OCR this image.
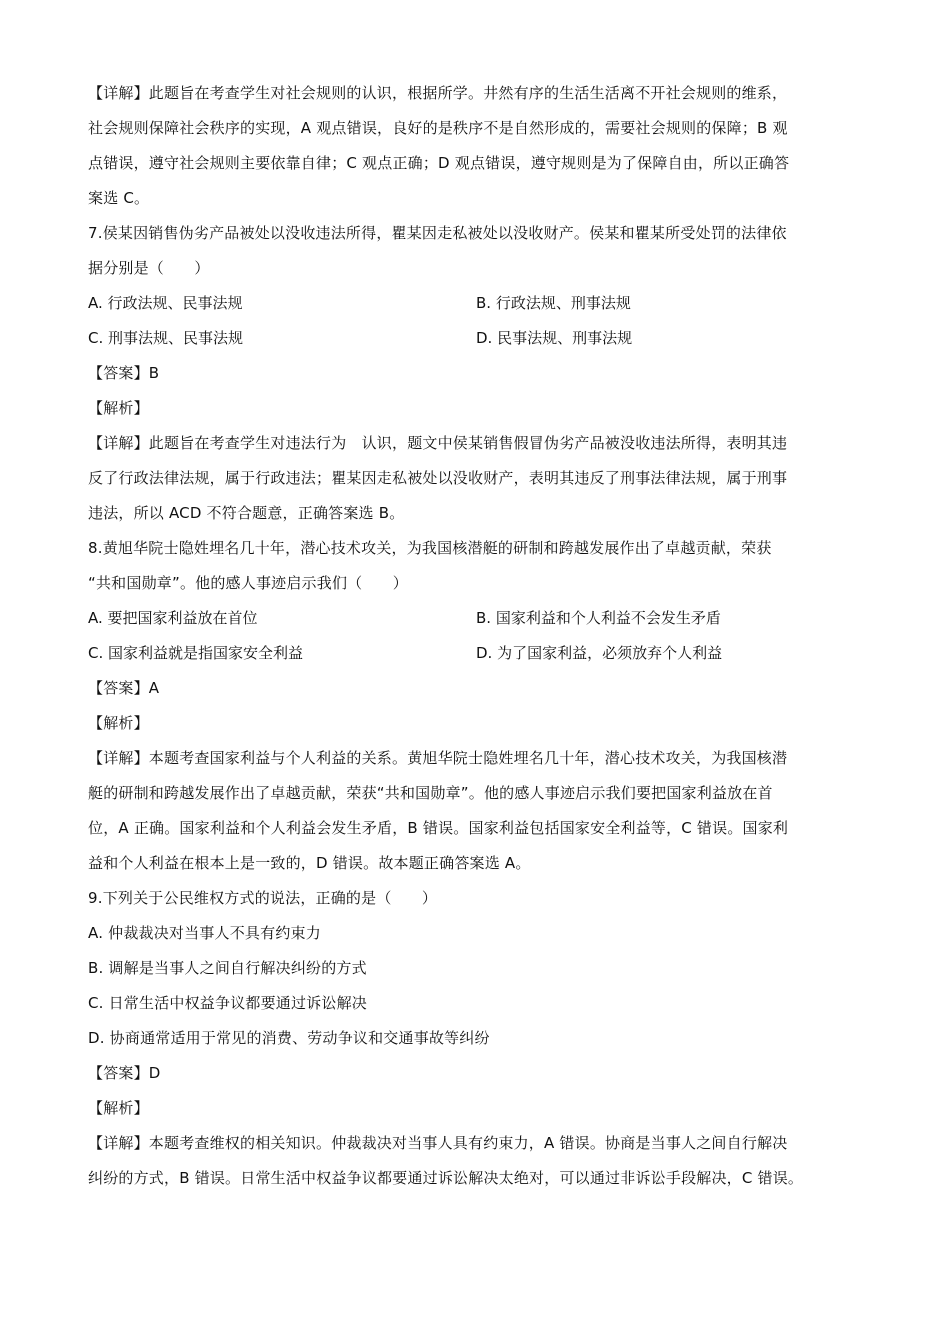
【详解】此题旨在考查学生对社会规则的认识，根据所学。井然有序的生活生活离不开社会规则的维系，
社会规则保障社会秩序的实现，A 观点错误，良好的是秩序不是自然形成的，需要社会规则的保障；B 观
点错误，遵守社会规则主要依靠自律；C 观点正确；D 观点错误，遵守规则是为了保障自由，所以正确答
案选 C。
7.侯某因销售伪劣产品被处以没收违法所得，瞿某因走私被处以没收财产。侯某和瞿某所受处罚的法律依
据分别是（　　）
A. 行政法规、民事法规	B. 行政法规、刑事法规
C. 刑事法规、民事法规	D. 民事法规、刑事法规
【答案】B
【解析】
【详解】此题旨在考查学生对违法行为　认识，题文中侯某销售假冒伪劣产品被没收违法所得，表明其违
反了行政法律法规，属于行政违法；瞿某因走私被处以没收财产，表明其违反了刑事法律法规，属于刑事
违法，所以 ACD 不符合题意，正确答案选 B。
8.黄旭华院士隐姓埋名几十年，潜心技术攻关，为我国核潜艇的研制和跨越发展作出了卓越贡献，荣获
“共和国勋章”。他的感人事迹启示我们（　　）
A. 要把国家利益放在首位	B. 国家利益和个人利益不会发生矛盾
C. 国家利益就是指国家安全利益	D. 为了国家利益，必须放弃个人利益
【答案】A
【解析】
【详解】本题考查国家利益与个人利益的关系。黄旭华院士隐姓埋名几十年，潜心技术攻关，为我国核潜
艇的研制和跨越发展作出了卓越贡献，荣获“共和国勋章”。他的感人事迹启示我们要把国家利益放在首
位，A 正确。国家利益和个人利益会发生矛盾，B 错误。国家利益包括国家安全利益等，C 错误。国家利
益和个人利益在根本上是一致的，D 错误。故本题正确答案选 A。
9.下列关于公民维权方式的说法，正确的是（　　）
A. 仲裁裁决对当事人不具有约束力
B. 调解是当事人之间自行解决纠纷的方式
C. 日常生活中权益争议都要通过诉讼解决
D. 协商通常适用于常见的消费、劳动争议和交通事故等纠纷
【答案】D
【解析】
【详解】本题考查维权的相关知识。仲裁裁决对当事人具有约束力，A 错误。协商是当事人之间自行解决
纠纷的方式，B 错误。日常生活中权益争议都要通过诉讼解决太绝对，可以通过非诉讼手段解决，C 错误。
